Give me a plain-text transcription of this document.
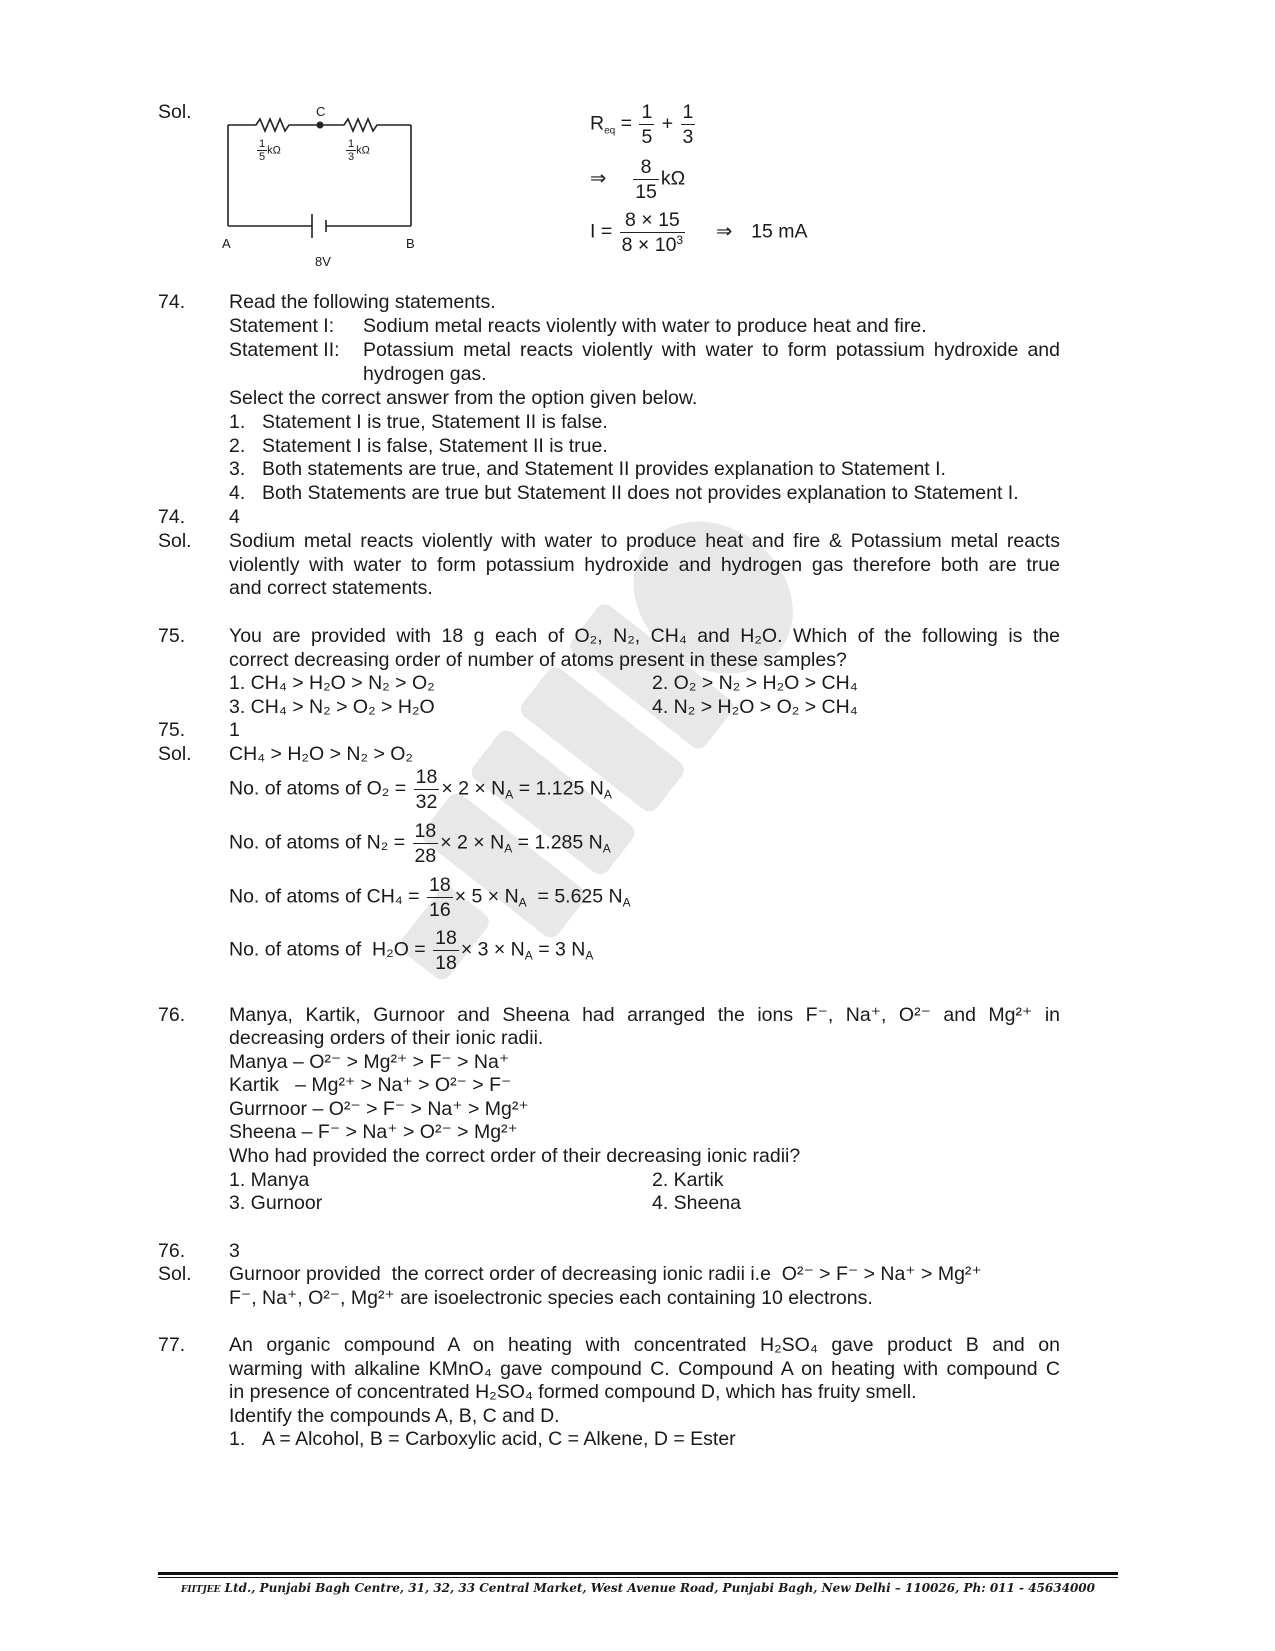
Sol.	C
A	B
8V
$\frac{1}{5}$ kΩ	$\frac{1}{3}$ kΩ
$R_{eq} = \frac{1}{5} + \frac{1}{3}$
⇒ $\frac{8}{15}$ kΩ
$I = \frac{8 \times 15}{8 \times 10^3}$ ⇒ 15 mA
74. Read the following statements.
Statement I: Sodium metal reacts violently with water to produce heat and fire.
Statement II: Potassium metal reacts violently with water to form potassium hydroxide and
hydrogen gas.
Select the correct answer from the option given below.
1. Statement I is true, Statement II is false.
2. Statement I is false, Statement II is true.
3. Both statements are true, and Statement II provides explanation to Statement I.
4. Both Statements are true but Statement II does not provides explanation to Statement I.
74. 4
Sol. Sodium metal reacts violently with water to produce heat and fire & Potassium metal reacts
violently with water to form potassium hydroxide and hydrogen gas therefore both are true
and correct statements.
75. You are provided with 18 g each of O₂, N₂, CH₄ and H₂O. Which of the following is the
correct decreasing order of number of atoms present in these samples?
1. CH₄ > H₂O > N₂ > O₂	2. O₂ > N₂ > H₂O > CH₄
3. CH₄ > N₂ > O₂ > H₂O	4. N₂ > H₂O > O₂ > CH₄
75. 1
Sol. CH₄ > H₂O > N₂ > O₂
No. of atoms of $O_2 = \frac{18}{32} \times 2 \times N_A = 1.125$ $N_A$
No. of atoms of $N_2 = \frac{18}{28} \times 2 \times N_A = 1.285$ $N_A$
No. of atoms of $CH_4 = \frac{18}{16} \times 5 \times N_A = 5.625$ $N_A$
No. of atoms of  $H_2O = \frac{18}{18} \times 3 \times N_A = 3$ $N_A$
76. Manya, Kartik, Gurnoor and Sheena had arranged the ions F⁻, Na⁺, O²⁻ and Mg²⁺ in
decreasing orders of their ionic radii.
Manya – O²⁻ > Mg²⁺ > F⁻ > Na⁺
Kartik   – Mg²⁺ > Na⁺ > O²⁻ > F⁻
Gurrnoor – O²⁻ > F⁻ > Na⁺ > Mg²⁺
Sheena – F⁻ > Na⁺ > O²⁻ > Mg²⁺
Who had provided the correct order of their decreasing ionic radii?
1. Manya	2. Kartik
3. Gurnoor	4. Sheena
76. 3
Sol. Gurnoor provided  the correct order of decreasing ionic radii i.e  O²⁻ > F⁻ > Na⁺ > Mg²⁺
F⁻, Na⁺, O²⁻, Mg²⁺ are isoelectronic species each containing 10 electrons.
77. An organic compound A on heating with concentrated H₂SO₄ gave product B and on
warming with alkaline KMnO₄ gave compound C. Compound A on heating with compound C
in presence of concentrated H₂SO₄ formed compound D, which has fruity smell.
Identify the compounds A, B, C and D.
1. A = Alcohol, B = Carboxylic acid, C = Alkene, D = Ester
FIITJEE Ltd., Punjabi Bagh Centre, 31, 32, 33 Central Market, West Avenue Road, Punjabi Bagh, New Delhi – 110026, Ph: 011 - 45634000
